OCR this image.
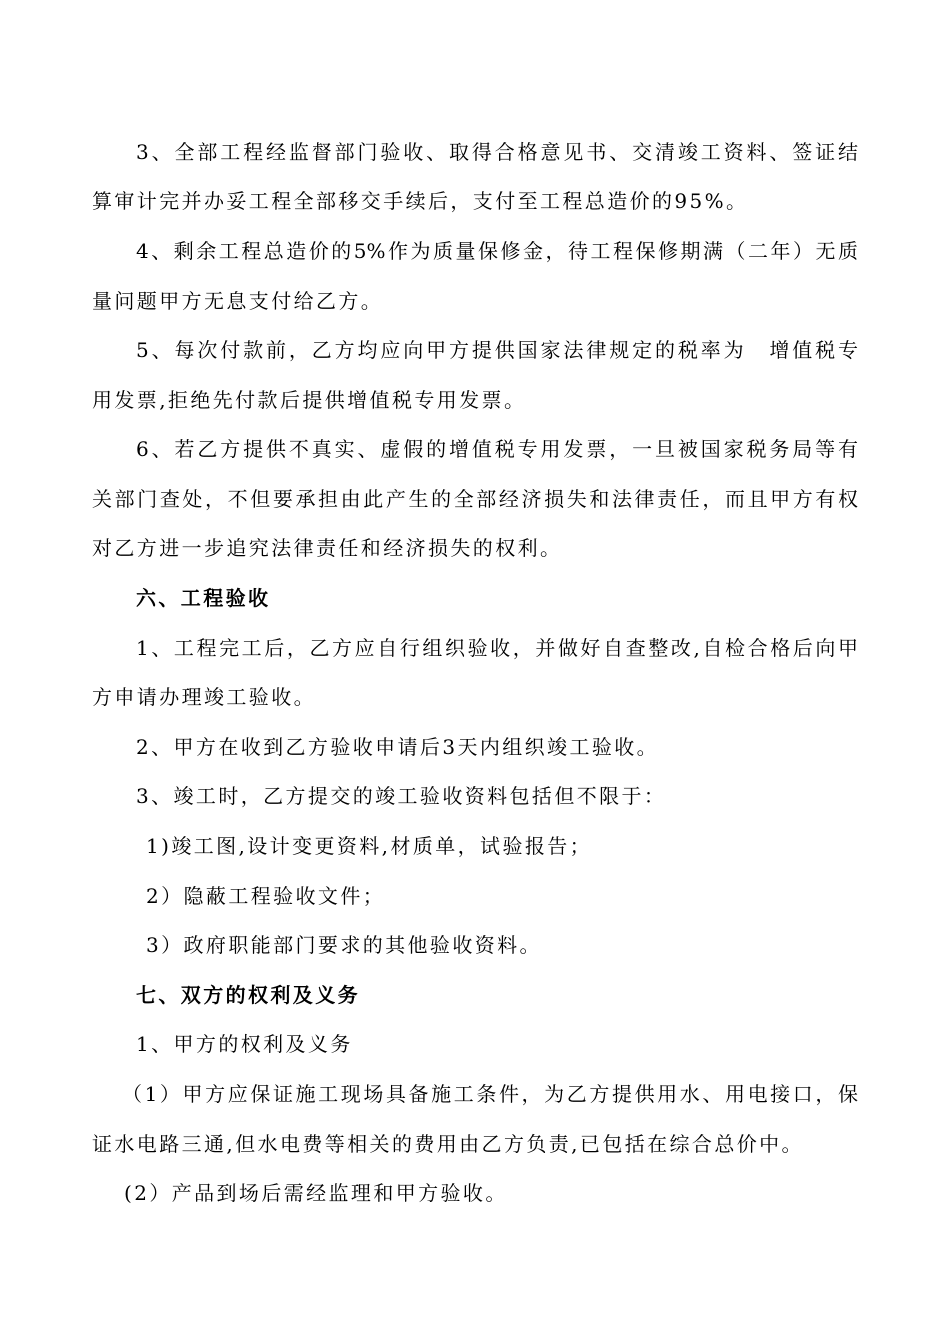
3、全部工程经监督部门验收、取得合格意见书、交清竣工资料、签证结
算审计完并办妥工程全部移交手续后，支付至工程总造价的95%。
4、剩余工程总造价的5%作为质量保修金，待工程保修期满（二年）无质
量问题甲方无息支付给乙方。
5、每次付款前，乙方均应向甲方提供国家法律规定的税率为　增值税专
用发票,拒绝先付款后提供增值税专用发票。
6、若乙方提供不真实、虚假的增值税专用发票，一旦被国家税务局等有
关部门查处，不但要承担由此产生的全部经济损失和法律责任，而且甲方有权
对乙方进一步追究法律责任和经济损失的权利。
六、工程验收
1、工程完工后，乙方应自行组织验收，并做好自查整改,自检合格后向甲
方申请办理竣工验收。
2、甲方在收到乙方验收申请后3天内组织竣工验收。
3、竣工时，乙方提交的竣工验收资料包括但不限于：
1)竣工图,设计变更资料,材质单，试验报告；
2）隐蔽工程验收文件；
3）政府职能部门要求的其他验收资料。
七、双方的权利及义务
1、甲方的权利及义务
（1）甲方应保证施工现场具备施工条件，为乙方提供用水、用电接口，保
证水电路三通,但水电费等相关的费用由乙方负责,已包括在综合总价中。
(2）产品到场后需经监理和甲方验收。
